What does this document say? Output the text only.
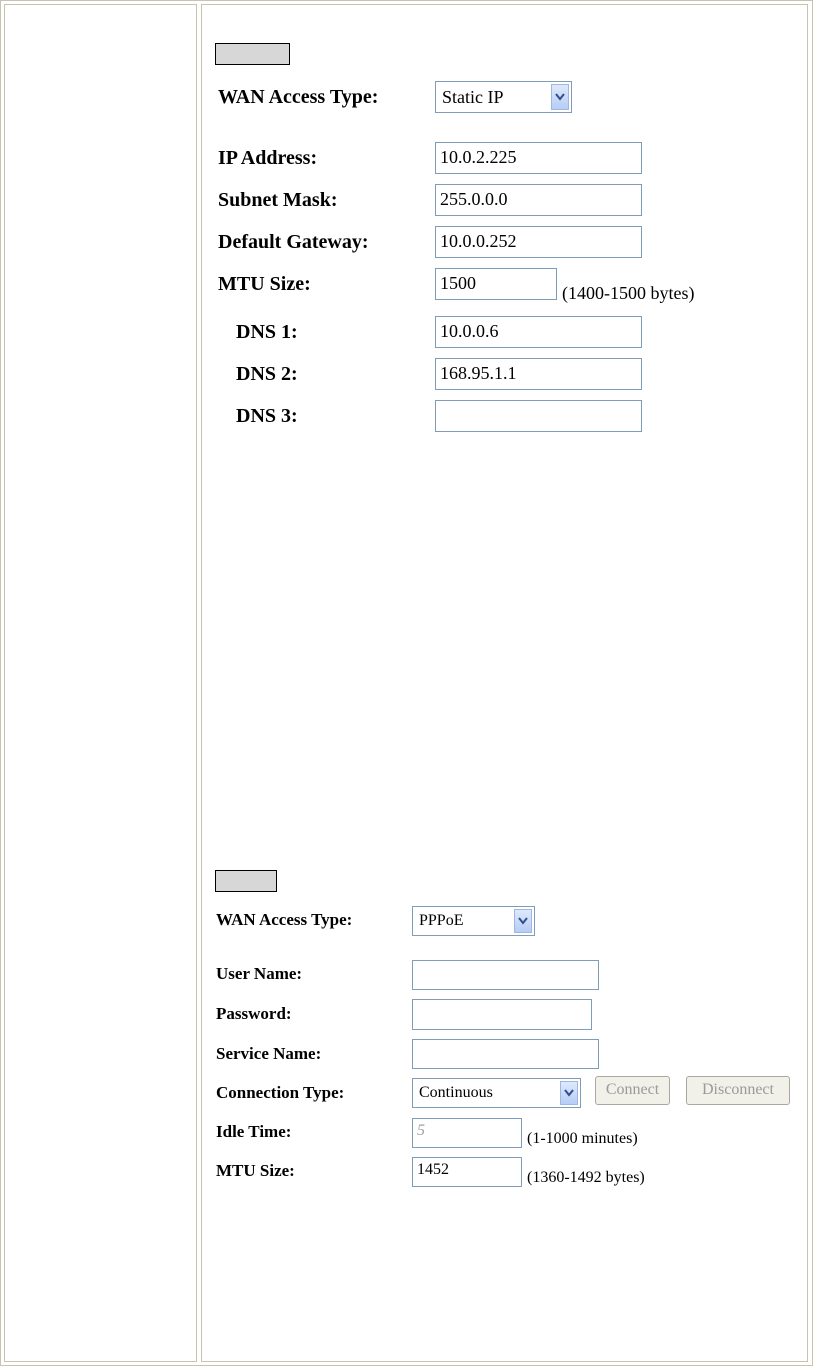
WAN Access Type:	Static IP
IP Address:	10.0.2.225
Subnet Mask:	255.0.0.0
Default Gateway:	10.0.0.252
MTU Size:	1500	(1400-1500 bytes)
DNS 1:	10.0.0.6
DNS 2:	168.95.1.1
DNS 3:
WAN Access Type:	PPPoE
User Name:
Password:
Service Name:
Connection Type:	Continuous	Connect	Disconnect
Idle Time:	5	(1-1000 minutes)
MTU Size:	1452	(1360-1492 bytes)
